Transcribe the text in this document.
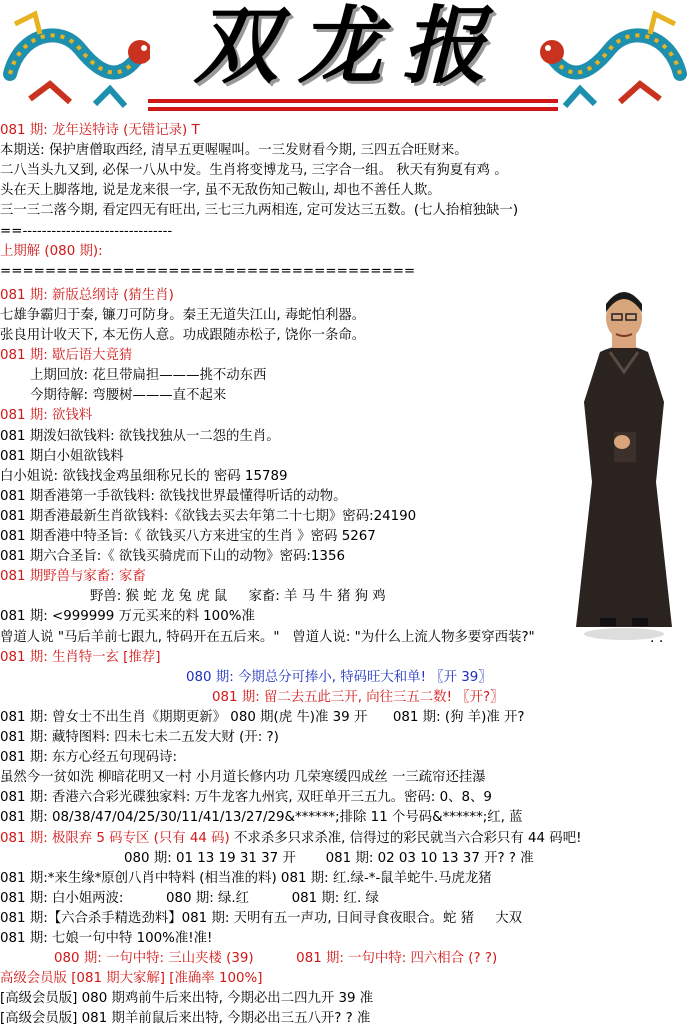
双龙报
081 期: 龙年送特诗 (无错记录) T
本期送: 保护唐僧取西经, 清早五更喔喔叫。一三发财看今期, 三四五合旺财来。
二八当头九又到, 必保一八从中发。生肖将变博龙马, 三字合一组。 秋天有狗夏有鸡 。
头在天上脚落地, 说是龙来很一字, 虽不无敌伤知己鞍山, 却也不善任人欺。
三一三二落今期, 看定四无有旺出, 三七三九两相连, 定可发达三五数。(七人抬棺独缺一)
==-------------------------------
上期解 (080 期):
=====================================
081 期: 新版总纲诗 (猜生肖)
七雄争霸归于秦, 镰刀可防身。秦王无道失江山, 毒蛇怕利器。
张良用计收天下, 本无伤人意。功成跟随赤松子, 饶你一条命。
081 期: 歇后语大竟猜
上期回放: 花旦带扁担———挑不动东西
今期待解: 弯腰树———直不起来
081 期: 欲钱料
081 期泼妇欲钱料: 欲钱找独从一二怨的生肖。
081 期白小姐欲钱料
白小姐说: 欲钱找金鸡虽细称兄长的 密码 15789
081 期香港第一手欲钱料: 欲钱找世界最懂得听话的动物。
081 期香港最新生肖欲钱料:《欲钱去买去年第二十七期》密码:24190
081 期香港中特圣旨:《 欲钱买八方来进宝的生肖 》密码 5267
081 期六合圣旨:《 欲钱买骑虎而下山的动物》密码:1356
081 期野兽与家畜: 家畜
野兽: 猴 蛇 龙 兔 虎 鼠     家畜: 羊 马 牛 猪 狗 鸡
081 期: <999999 万元买来的料 100%准
曾道人说 "马后羊前七跟九, 特码开在五后来。"   曾道人说: "为什么上流人物多要穿西装?"
081 期: 生肖特一玄 [推荐]
080 期: 今期总分可捧小, 特码旺大和单! 〖开 39〗
081 期: 留二去五此三开, 向往三五二数! 〖开?〗
081 期: 曾女士不出生肖《期期更新》 080 期(虎 牛)准 39 开      081 期: (狗 羊)准 开?
081 期: 藏特图料: 四未七未二五发大财 (开: ?)
081 期: 东方心经五句现码诗:
虽然今一贫如洗 柳暗花明又一村 小月道长修内功 几荣寒缓四成丝 一三疏帘还挂瀑
081 期: 香港六合彩光碟独家料: 万牛龙客九州宾, 双旺单开三五九。密码: 0、8、9
081 期: 08/38/47/04/25/30/11/41/13/27/29&******;排除 11 个号码&******;红, 蓝
081 期: 极限弃 5 码专区 (只有 44 码) 不求杀多只求杀准, 信得过的彩民就当六合彩只有 44 码吧!
080 期: 01 13 19 31 37 开       081 期: 02 03 10 13 37 开? ? 准
081 期:*来生缘*原创八肖中特料 (相当准的料) 081 期: 红.绿-*-鼠羊蛇牛.马虎龙猪
081 期: 白小姐两波:          080 期: 绿.红          081 期: 红. 绿
081 期:【六合杀手精选劲料】081 期: 天明有五一声功, 日间寻食夜眼合。蛇 猪     大双
081 期: 七娘一句中特 100%准!准!
080 期: 一句中特: 三山夹楼 (39)          081 期: 一句中特: 四六相合 (? ?)
高级会员版 [081 期大家解] [准确率 100%]
[高级会员版] 080 期鸡前牛后来出特, 今期必出二四九开 39 准
[高级会员版] 081 期羊前鼠后来出特, 今期必出三五八开? ? 准
. .
